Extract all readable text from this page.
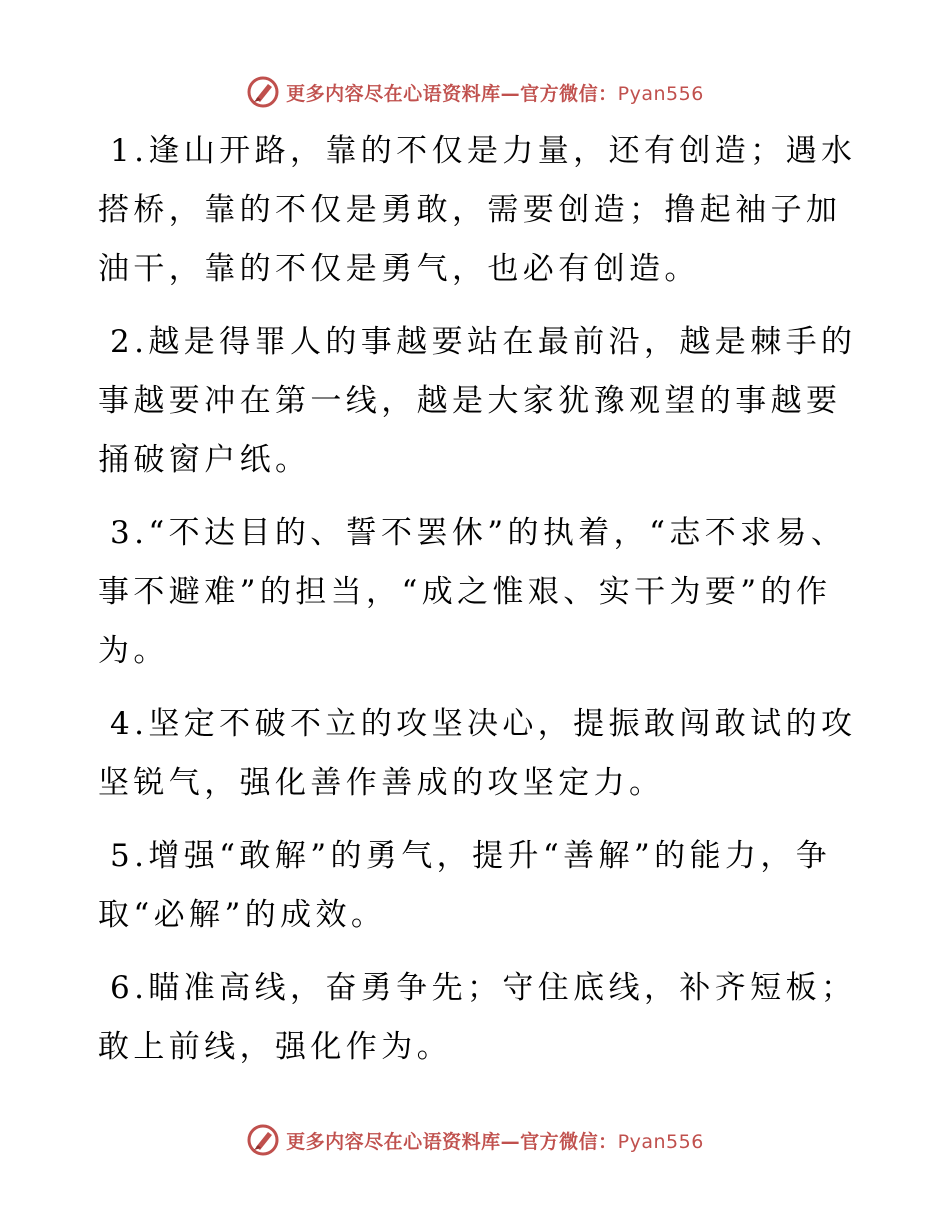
更多内容尽在心语资料库—官方微信：Pyan556

1.逢山开路，靠的不仅是力量，还有创造；遇水搭桥，靠的不仅是勇敢，需要创造；撸起袖子加油干，靠的不仅是勇气，也必有创造。

2.越是得罪人的事越要站在最前沿，越是棘手的事越要冲在第一线，越是大家犹豫观望的事越要捅破窗户纸。

3.“不达目的、誓不罢休”的执着，“志不求易、事不避难”的担当，“成之惟艰、实干为要”的作为。

4.坚定不破不立的攻坚决心，提振敢闯敢试的攻坚锐气，强化善作善成的攻坚定力。

5.增强“敢解”的勇气，提升“善解”的能力，争取“必解”的成效。

6.瞄准高线，奋勇争先；守住底线，补齐短板；敢上前线，强化作为。

更多内容尽在心语资料库—官方微信：Pyan556
